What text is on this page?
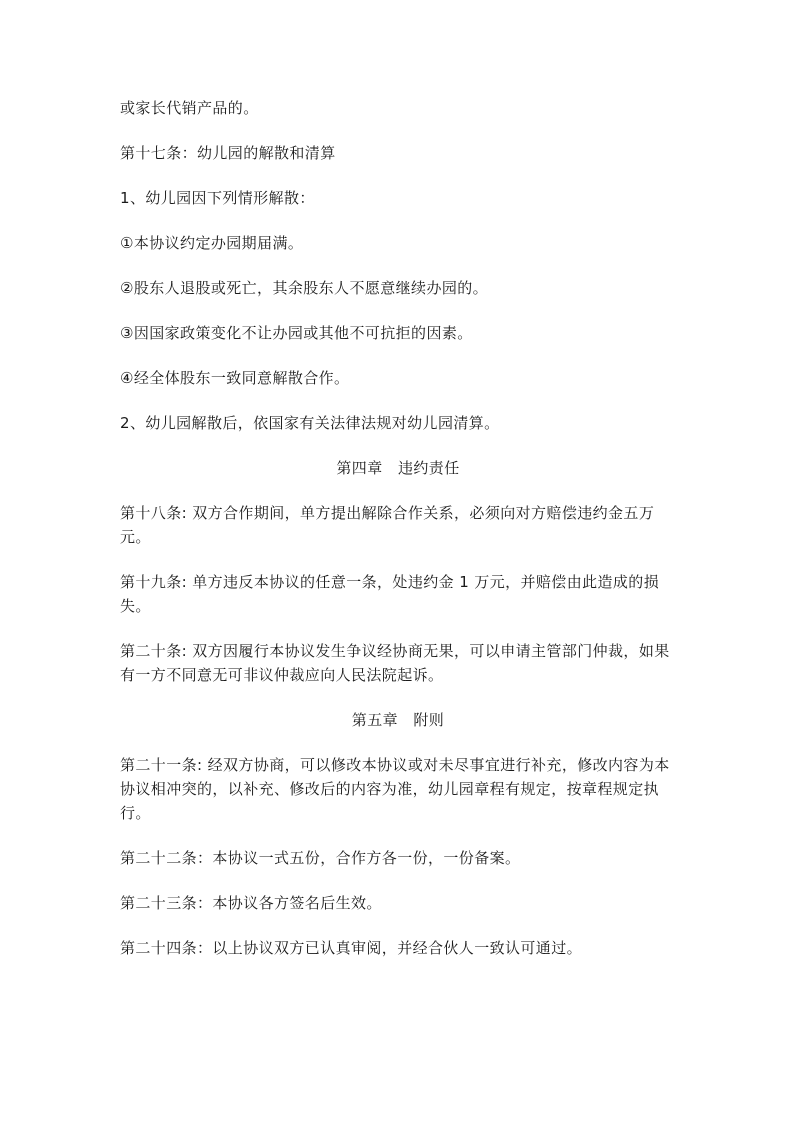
或家长代销产品的。

第十七条：幼儿园的解散和清算

1、幼儿园因下列情形解散：

①本协议约定办园期届满。

②股东人退股或死亡，其余股东人不愿意继续办园的。

③因国家政策变化不让办园或其他不可抗拒的因素。

④经全体股东一致同意解散合作。

2、幼儿园解散后，依国家有关法律法规对幼儿园清算。

第四章　违约责任

第十八条: 双方合作期间，单方提出解除合作关系，必须向对方赔偿违约金五万元。

第十九条: 单方违反本协议的任意一条，处违约金 1 万元，并赔偿由此造成的损失。

第二十条: 双方因履行本协议发生争议经协商无果，可以申请主管部门仲裁，如果有一方不同意无可非议仲裁应向人民法院起诉。

第五章　附则

第二十一条: 经双方协商，可以修改本协议或对未尽事宜进行补充，修改内容为本协议相冲突的，以补充、修改后的内容为准，幼儿园章程有规定，按章程规定执行。

第二十二条：本协议一式五份，合作方各一份，一份备案。

第二十三条：本协议各方签名后生效。

第二十四条：以上协议双方已认真审阅，并经合伙人一致认可通过。
